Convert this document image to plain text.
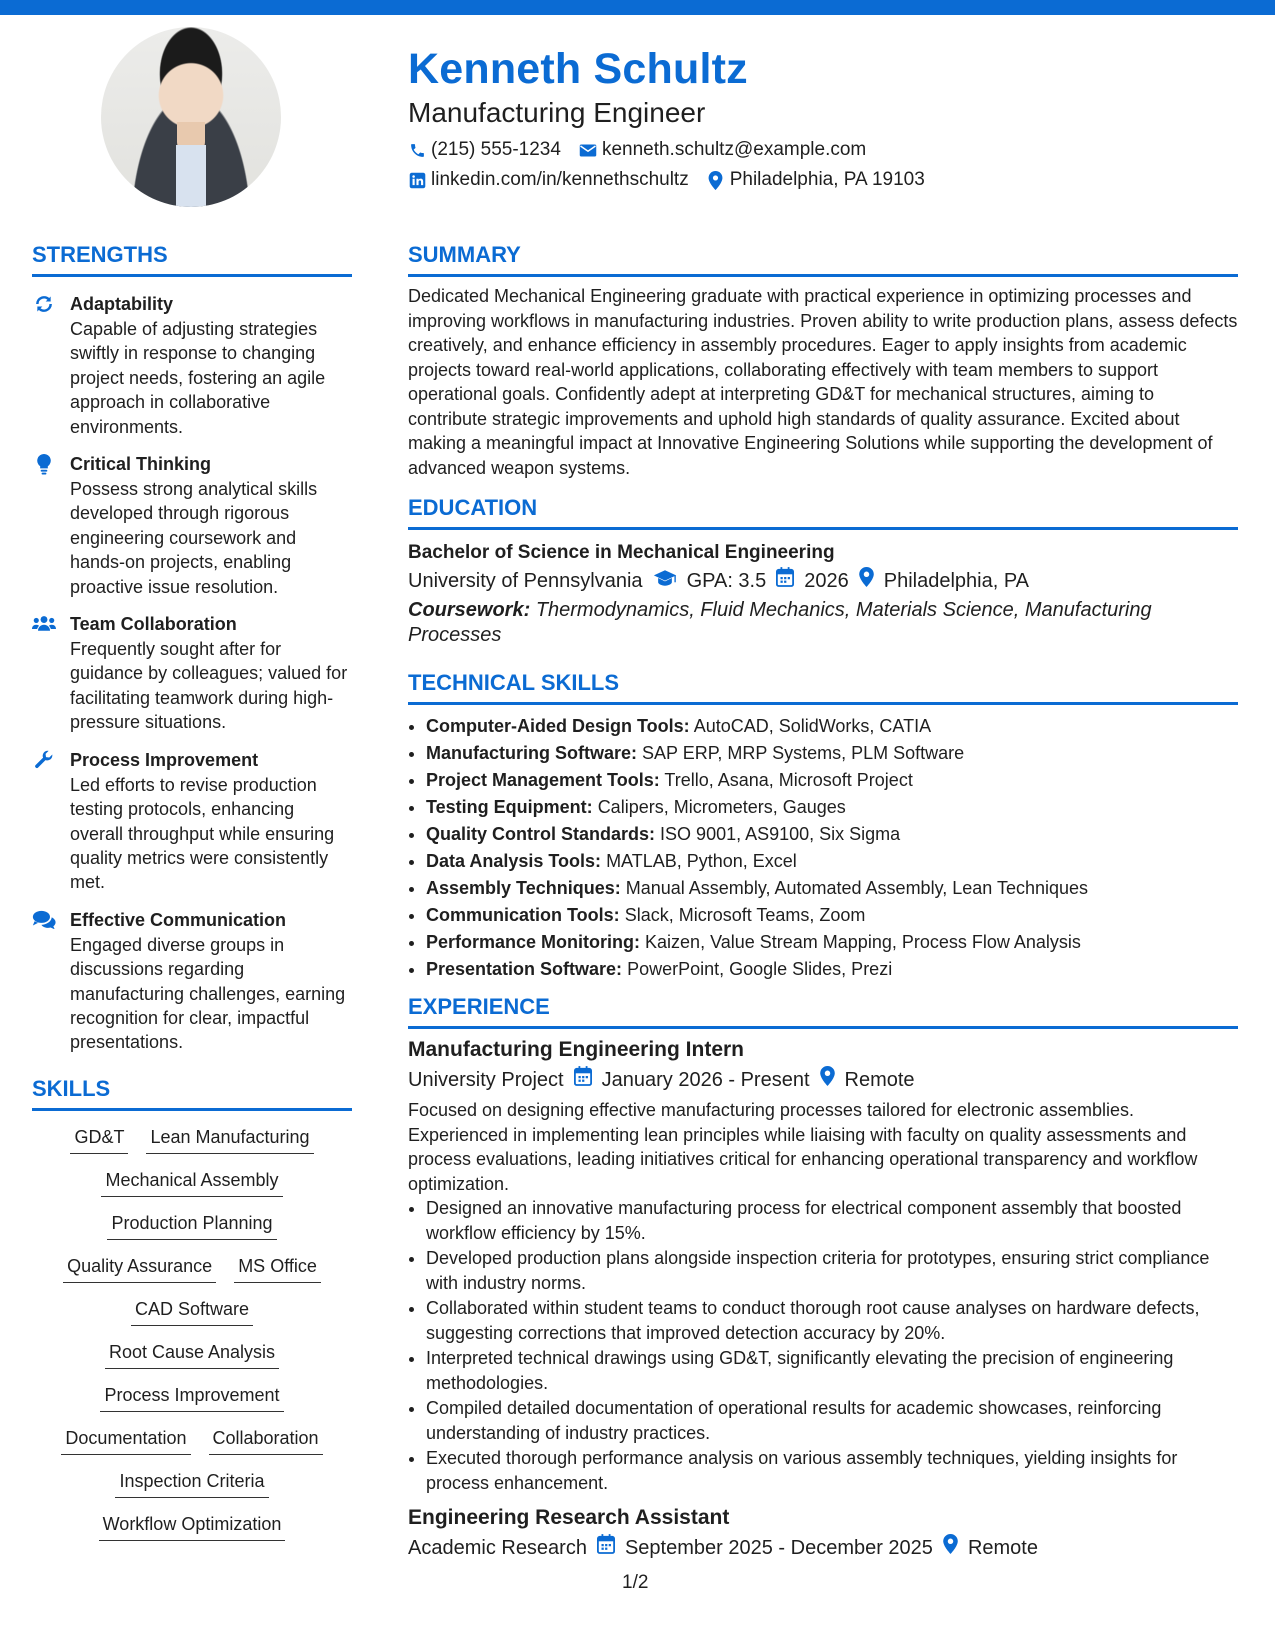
Kenneth Schultz
Manufacturing Engineer
(215) 555-1234 kenneth.schultz@example.com
linkedin.com/in/kennethschultz Philadelphia, PA 19103
STRENGTHS
Adaptability
Capable of adjusting strategies swiftly in response to changing project needs, fostering an agile approach in collaborative environments.
Critical Thinking
Possess strong analytical skills developed through rigorous engineering coursework and hands-on projects, enabling proactive issue resolution.
Team Collaboration
Frequently sought after for guidance by colleagues; valued for facilitating teamwork during high-pressure situations.
Process Improvement
Led efforts to revise production testing protocols, enhancing overall throughput while ensuring quality metrics were consistently met.
Effective Communication
Engaged diverse groups in discussions regarding manufacturing challenges, earning recognition for clear, impactful presentations.
SKILLS
GD&T Lean Manufacturing
Mechanical Assembly
Production Planning
Quality Assurance MS Office
CAD Software
Root Cause Analysis
Process Improvement
Documentation Collaboration
Inspection Criteria
Workflow Optimization
SUMMARY
Dedicated Mechanical Engineering graduate with practical experience in optimizing processes and improving workflows in manufacturing industries. Proven ability to write production plans, assess defects creatively, and enhance efficiency in assembly procedures. Eager to apply insights from academic projects toward real-world applications, collaborating effectively with team members to support operational goals. Confidently adept at interpreting GD&T for mechanical structures, aiming to contribute strategic improvements and uphold high standards of quality assurance. Excited about making a meaningful impact at Innovative Engineering Solutions while supporting the development of advanced weapon systems.
EDUCATION
Bachelor of Science in Mechanical Engineering
University of Pennsylvania GPA: 3.5 2026 Philadelphia, PA
Coursework: Thermodynamics, Fluid Mechanics, Materials Science, Manufacturing Processes
TECHNICAL SKILLS
• Computer-Aided Design Tools: AutoCAD, SolidWorks, CATIA
• Manufacturing Software: SAP ERP, MRP Systems, PLM Software
• Project Management Tools: Trello, Asana, Microsoft Project
• Testing Equipment: Calipers, Micrometers, Gauges
• Quality Control Standards: ISO 9001, AS9100, Six Sigma
• Data Analysis Tools: MATLAB, Python, Excel
• Assembly Techniques: Manual Assembly, Automated Assembly, Lean Techniques
• Communication Tools: Slack, Microsoft Teams, Zoom
• Performance Monitoring: Kaizen, Value Stream Mapping, Process Flow Analysis
• Presentation Software: PowerPoint, Google Slides, Prezi
EXPERIENCE
Manufacturing Engineering Intern
University Project January 2026 - Present Remote
Focused on designing effective manufacturing processes tailored for electronic assemblies. Experienced in implementing lean principles while liaising with faculty on quality assessments and process evaluations, leading initiatives critical for enhancing operational transparency and workflow optimization.
• Designed an innovative manufacturing process for electrical component assembly that boosted workflow efficiency by 15%.
• Developed production plans alongside inspection criteria for prototypes, ensuring strict compliance with industry norms.
• Collaborated within student teams to conduct thorough root cause analyses on hardware defects, suggesting corrections that improved detection accuracy by 20%.
• Interpreted technical drawings using GD&T, significantly elevating the precision of engineering methodologies.
• Compiled detailed documentation of operational results for academic showcases, reinforcing understanding of industry practices.
• Executed thorough performance analysis on various assembly techniques, yielding insights for process enhancement.
Engineering Research Assistant
Academic Research September 2025 - December 2025 Remote
1/2
